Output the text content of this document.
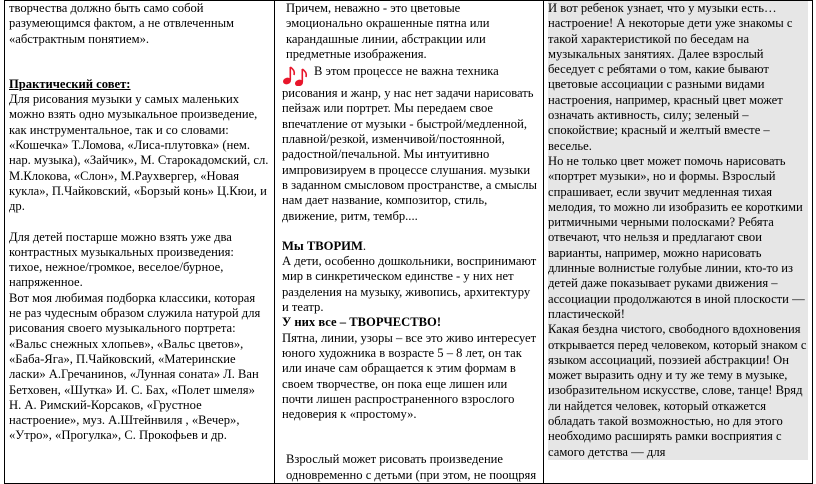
творчества должно быть само собой разумеющимся фактом, а не отвлеченным «абстрактным понятием».

Практический совет:

Для рисования музыки у самых маленьких можно взять одно музыкальное произведение, как инструментальное, так и со словами: «Кошечка» Т.Ломова, «Лиса-плутовка» (нем. нар. музыка), «Зайчик», М. Старокадомский, сл. М.Клокова, «Слон», М.Раухвергер, «Новая кукла», П.Чайковский, «Борзый конь» Ц.Кюи, и др.

Для детей постарше можно взять уже два контрастных музыкальных произведения: тихое, нежное/громкое, веселое/бурное, напряженное.

Вот моя любимая подборка классики, которая не раз чудесным образом служила натурой для рисования своего музыкального портрета: «Вальс снежных хлопьев», «Вальс цветов», «Баба-Яга», П.Чайковский, «Материнские ласки» А.Гречанинов, «Лунная соната» Л. Ван Бетховен, «Шутка» И. С. Бах, «Полет шмеля» Н. А. Римский-Корсаков, «Грустное настроение», муз. А.Штейнвиля , «Вечер», «Утро», «Прогулка», С. Прокофьев и др.

Причем, неважно - это цветовые эмоционально окрашенные пятна или карандашные линии, абстракции или предметные изображения.

В этом процессе не важна техника рисования и жанр, у нас нет задачи нарисовать пейзаж или портрет. Мы передаем свое впечатление от музыки - быстрой/медленной, плавной/резкой, изменчивой/постоянной, радостной/печальной. Мы интуитивно импровизируем в процессе слушания. музыки в заданном смысловом пространстве, а смыслы нам дает название, композитор, стиль, движение, ритм, тембр....

Мы ТВОРИМ.

А дети, особенно дошкольники, воспринимают мир в синкретическом единстве - у них нет разделения на музыку, живопись, архитектуру и театр.

У них все – ТВОРЧЕСТВО!

Пятна, линии, узоры – все это живо интересует юного художника в возрасте 5 – 8 лет, он так или иначе сам обращается к этим формам в своем творчестве, он пока еще лишен или почти лишен распространенного взрослого недоверия к «простому».

Взрослый может рисовать произведение одновременно с детьми (при этом, не поощряя

И вот ребенок узнает, что у музыки есть… настроение! А некоторые дети уже знакомы с такой характеристикой по беседам на музыкальных занятиях. Далее взрослый беседует с ребятами о том, какие бывают цветовые ассоциации с разными видами настроения, например, красный цвет может означать активность, силу; зеленый – спокойствие; красный и желтый вместе – веселье.

Но не только цвет может помочь нарисовать «портрет музыки», но и формы. Взрослый спрашивает, если звучит медленная тихая мелодия, то можно ли изобразить ее короткими ритмичными черными полосками? Ребята отвечают, что нельзя и предлагают свои варианты, например, можно нарисовать длинные волнистые голубые линии, кто-то из детей даже показывает руками движения – ассоциации продолжаются в иной плоскости — пластической!

Какая бездна чистого, свободного вдохновения открывается перед человеком, который знаком с языком ассоциаций, поэзией абстракции! Он может выразить одну и ту же тему в музыке, изобразительном искусстве, слове, танце! Вряд ли найдется человек, который откажется обладать такой возможностью, но для этого необходимо расширять рамки восприятия с самого детства — для
